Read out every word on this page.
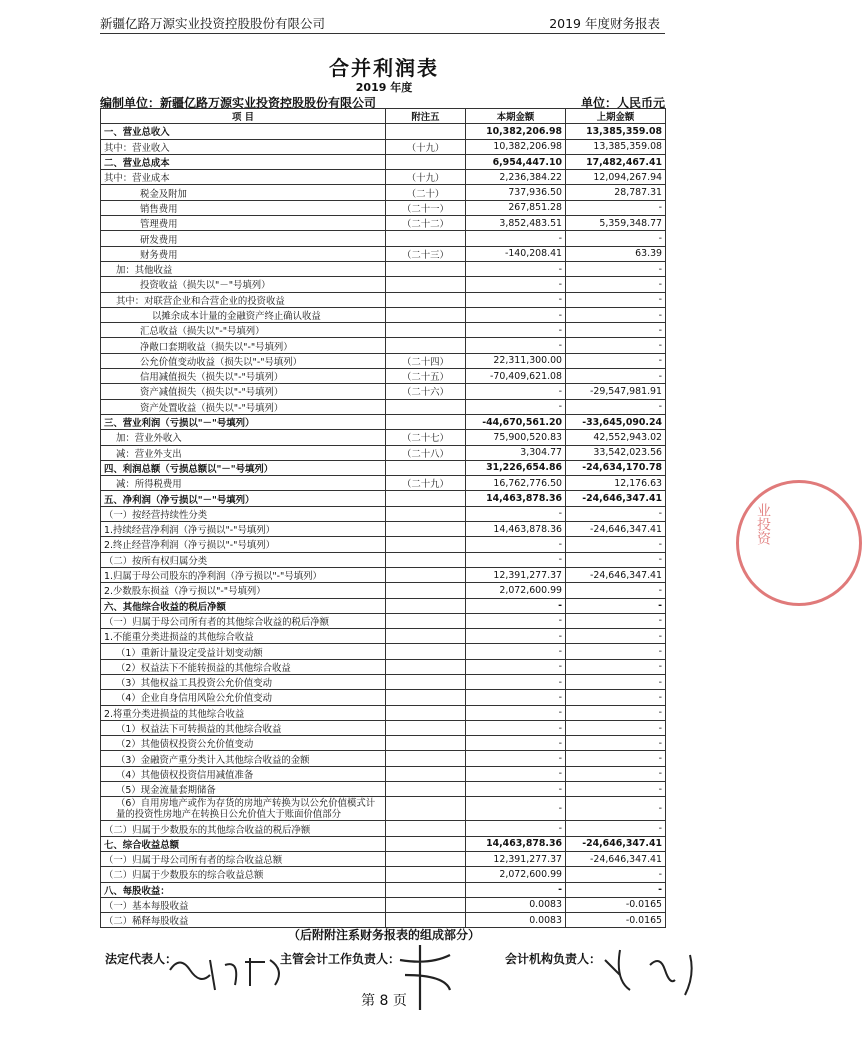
新疆亿路万源实业投资控股股份有限公司	2019 年度财务报表
合并利润表
2019 年度
编制单位：新疆亿路万源实业投资控股股份有限公司	单位：人民币元
项 目	附注五	本期金额	上期金额
一、营业总收入		10,382,206.98	13,385,359.08
其中：营业收入	（十九）	10,382,206.98	13,385,359.08
二、营业总成本		6,954,447.10	17,482,467.41
其中：营业成本	（十九）	2,236,384.22	12,094,267.94
税金及附加	（二十）	737,936.50	28,787.31
销售费用	（二十一）	267,851.28	-
管理费用	（二十二）	3,852,483.51	5,359,348.77
研发费用		-	-
财务费用	（二十三）	-140,208.41	63.39
加：其他收益		-	-
投资收益（损失以"－"号填列）		-	-
其中：对联营企业和合营企业的投资收益		-	-
以摊余成本计量的金融资产终止确认收益		-	-
汇总收益（损失以"-"号填列）		-	-
净敞口套期收益（损失以"-"号填列）		-	-
公允价值变动收益（损失以"-"号填列）	（二十四）	22,311,300.00	-
信用减值损失（损失以"-"号填列）	（二十五）	-70,409,621.08	-
资产减值损失（损失以"-"号填列）	（二十六）	-	-29,547,981.91
资产处置收益（损失以"-"号填列）		-	-
三、营业利润（亏损以"－"号填列）		-44,670,561.20	-33,645,090.24
加：营业外收入	（二十七）	75,900,520.83	42,552,943.02
减：营业外支出	（二十八）	3,304.77	33,542,023.56
四、利润总额（亏损总额以"－"号填列）		31,226,654.86	-24,634,170.78
减：所得税费用	（二十九）	16,762,776.50	12,176.63
五、净利润（净亏损以"－"号填列）		14,463,878.36	-24,646,347.41
（一）按经营持续性分类		-	-
1.持续经营净利润（净亏损以"-"号填列）		14,463,878.36	-24,646,347.41
2.终止经营净利润（净亏损以"-"号填列）		-	-
（二）按所有权归属分类		-	-
1.归属于母公司股东的净利润（净亏损以"-"号填列）		12,391,277.37	-24,646,347.41
2.少数股东损益（净亏损以"-"号填列）		2,072,600.99	-
六、其他综合收益的税后净额		-	-
（一）归属于母公司所有者的其他综合收益的税后净额		-	-
1.不能重分类进损益的其他综合收益		-	-
（1）重新计量设定受益计划变动额		-	-
（2）权益法下不能转损益的其他综合收益		-	-
（3）其他权益工具投资公允价值变动		-	-
（4）企业自身信用风险公允价值变动		-	-
2.将重分类进损益的其他综合收益		-	-
（1）权益法下可转损益的其他综合收益		-	-
（2）其他债权投资公允价值变动		-	-
（3）金融资产重分类计入其他综合收益的金额		-	-
（4）其他债权投资信用减值准备		-	-
（5）现金流量套期储备		-	-
（6）自用房地产或作为存货的房地产转换为以公允价值模式计量的投资性房地产在转换日公允价值大于账面价值部分		-	-
（二）归属于少数股东的其他综合收益的税后净额		-	-
七、综合收益总额		14,463,878.36	-24,646,347.41
（一）归属于母公司所有者的综合收益总额		12,391,277.37	-24,646,347.41
（二）归属于少数股东的综合收益总额		2,072,600.99	-
八、每股收益：		-	-
（一）基本每股收益		0.0083	-0.0165
（二）稀释每股收益		0.0083	-0.0165
（后附附注系财务报表的组成部分）
法定代表人：	主管会计工作负责人：	会计机构负责人：
第 8 页
业投资
